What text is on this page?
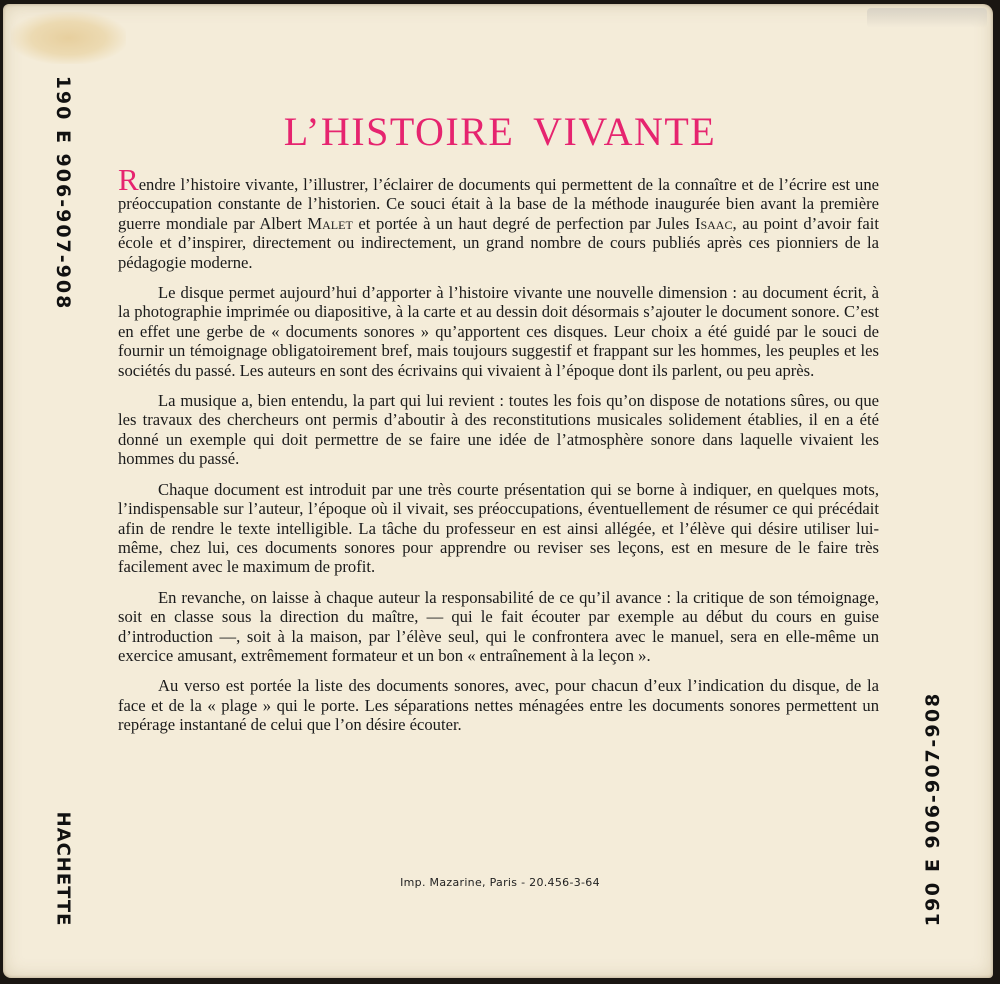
190 E 906-907-908
HACHETTE	190 E 906-907-908
L’HISTOIRE VIVANTE

Rendre l’histoire vivante, l’illustrer, l’éclairer de documents qui permettent de la connaître et de l’écrire est une préoccupation constante de l’historien. Ce souci était à la base de la méthode inaugurée bien avant la première guerre mondiale par Albert Malet et portée à un haut degré de perfection par Jules Isaac, au point d’avoir fait école et d’inspirer, directement ou indirectement, un grand nombre de cours publiés après ces pionniers de la pédagogie moderne.

Le disque permet aujourd’hui d’apporter à l’histoire vivante une nouvelle dimension : au document écrit, à la photographie imprimée ou diapositive, à la carte et au dessin doit désormais s’ajouter le document sonore. C’est en effet une gerbe de « documents sonores » qu’apportent ces disques. Leur choix a été guidé par le souci de fournir un témoignage obligatoirement bref, mais toujours suggestif et frappant sur les hommes, les peuples et les sociétés du passé. Les auteurs en sont des écrivains qui vivaient à l’époque dont ils parlent, ou peu après.

La musique a, bien entendu, la part qui lui revient : toutes les fois qu’on dispose de notations sûres, ou que les travaux des chercheurs ont permis d’aboutir à des reconstitutions musicales solidement établies, il en a été donné un exemple qui doit permettre de se faire une idée de l’atmosphère sonore dans laquelle vivaient les hommes du passé.

Chaque document est introduit par une très courte présentation qui se borne à indiquer, en quelques mots, l’indispensable sur l’auteur, l’époque où il vivait, ses préoccupations, éventuellement de résumer ce qui précédait afin de rendre le texte intelligible. La tâche du professeur en est ainsi allégée, et l’élève qui désire utiliser lui-même, chez lui, ces documents sonores pour apprendre ou reviser ses leçons, est en mesure de le faire très facilement avec le maximum de profit.

En revanche, on laisse à chaque auteur la responsabilité de ce qu’il avance : la critique de son témoignage, soit en classe sous la direction du maître, — qui le fait écouter par exemple au début du cours en guise d’introduction —, soit à la maison, par l’élève seul, qui le confrontera avec le manuel, sera en elle-même un exercice amusant, extrêmement formateur et un bon « entraînement à la leçon ».

Au verso est portée la liste des documents sonores, avec, pour chacun d’eux l’indication du disque, de la face et de la « plage » qui le porte. Les séparations nettes ménagées entre les documents sonores permettent un repérage instantané de celui que l’on désire écouter.

Imp. Mazarine, Paris - 20.456-3-64
